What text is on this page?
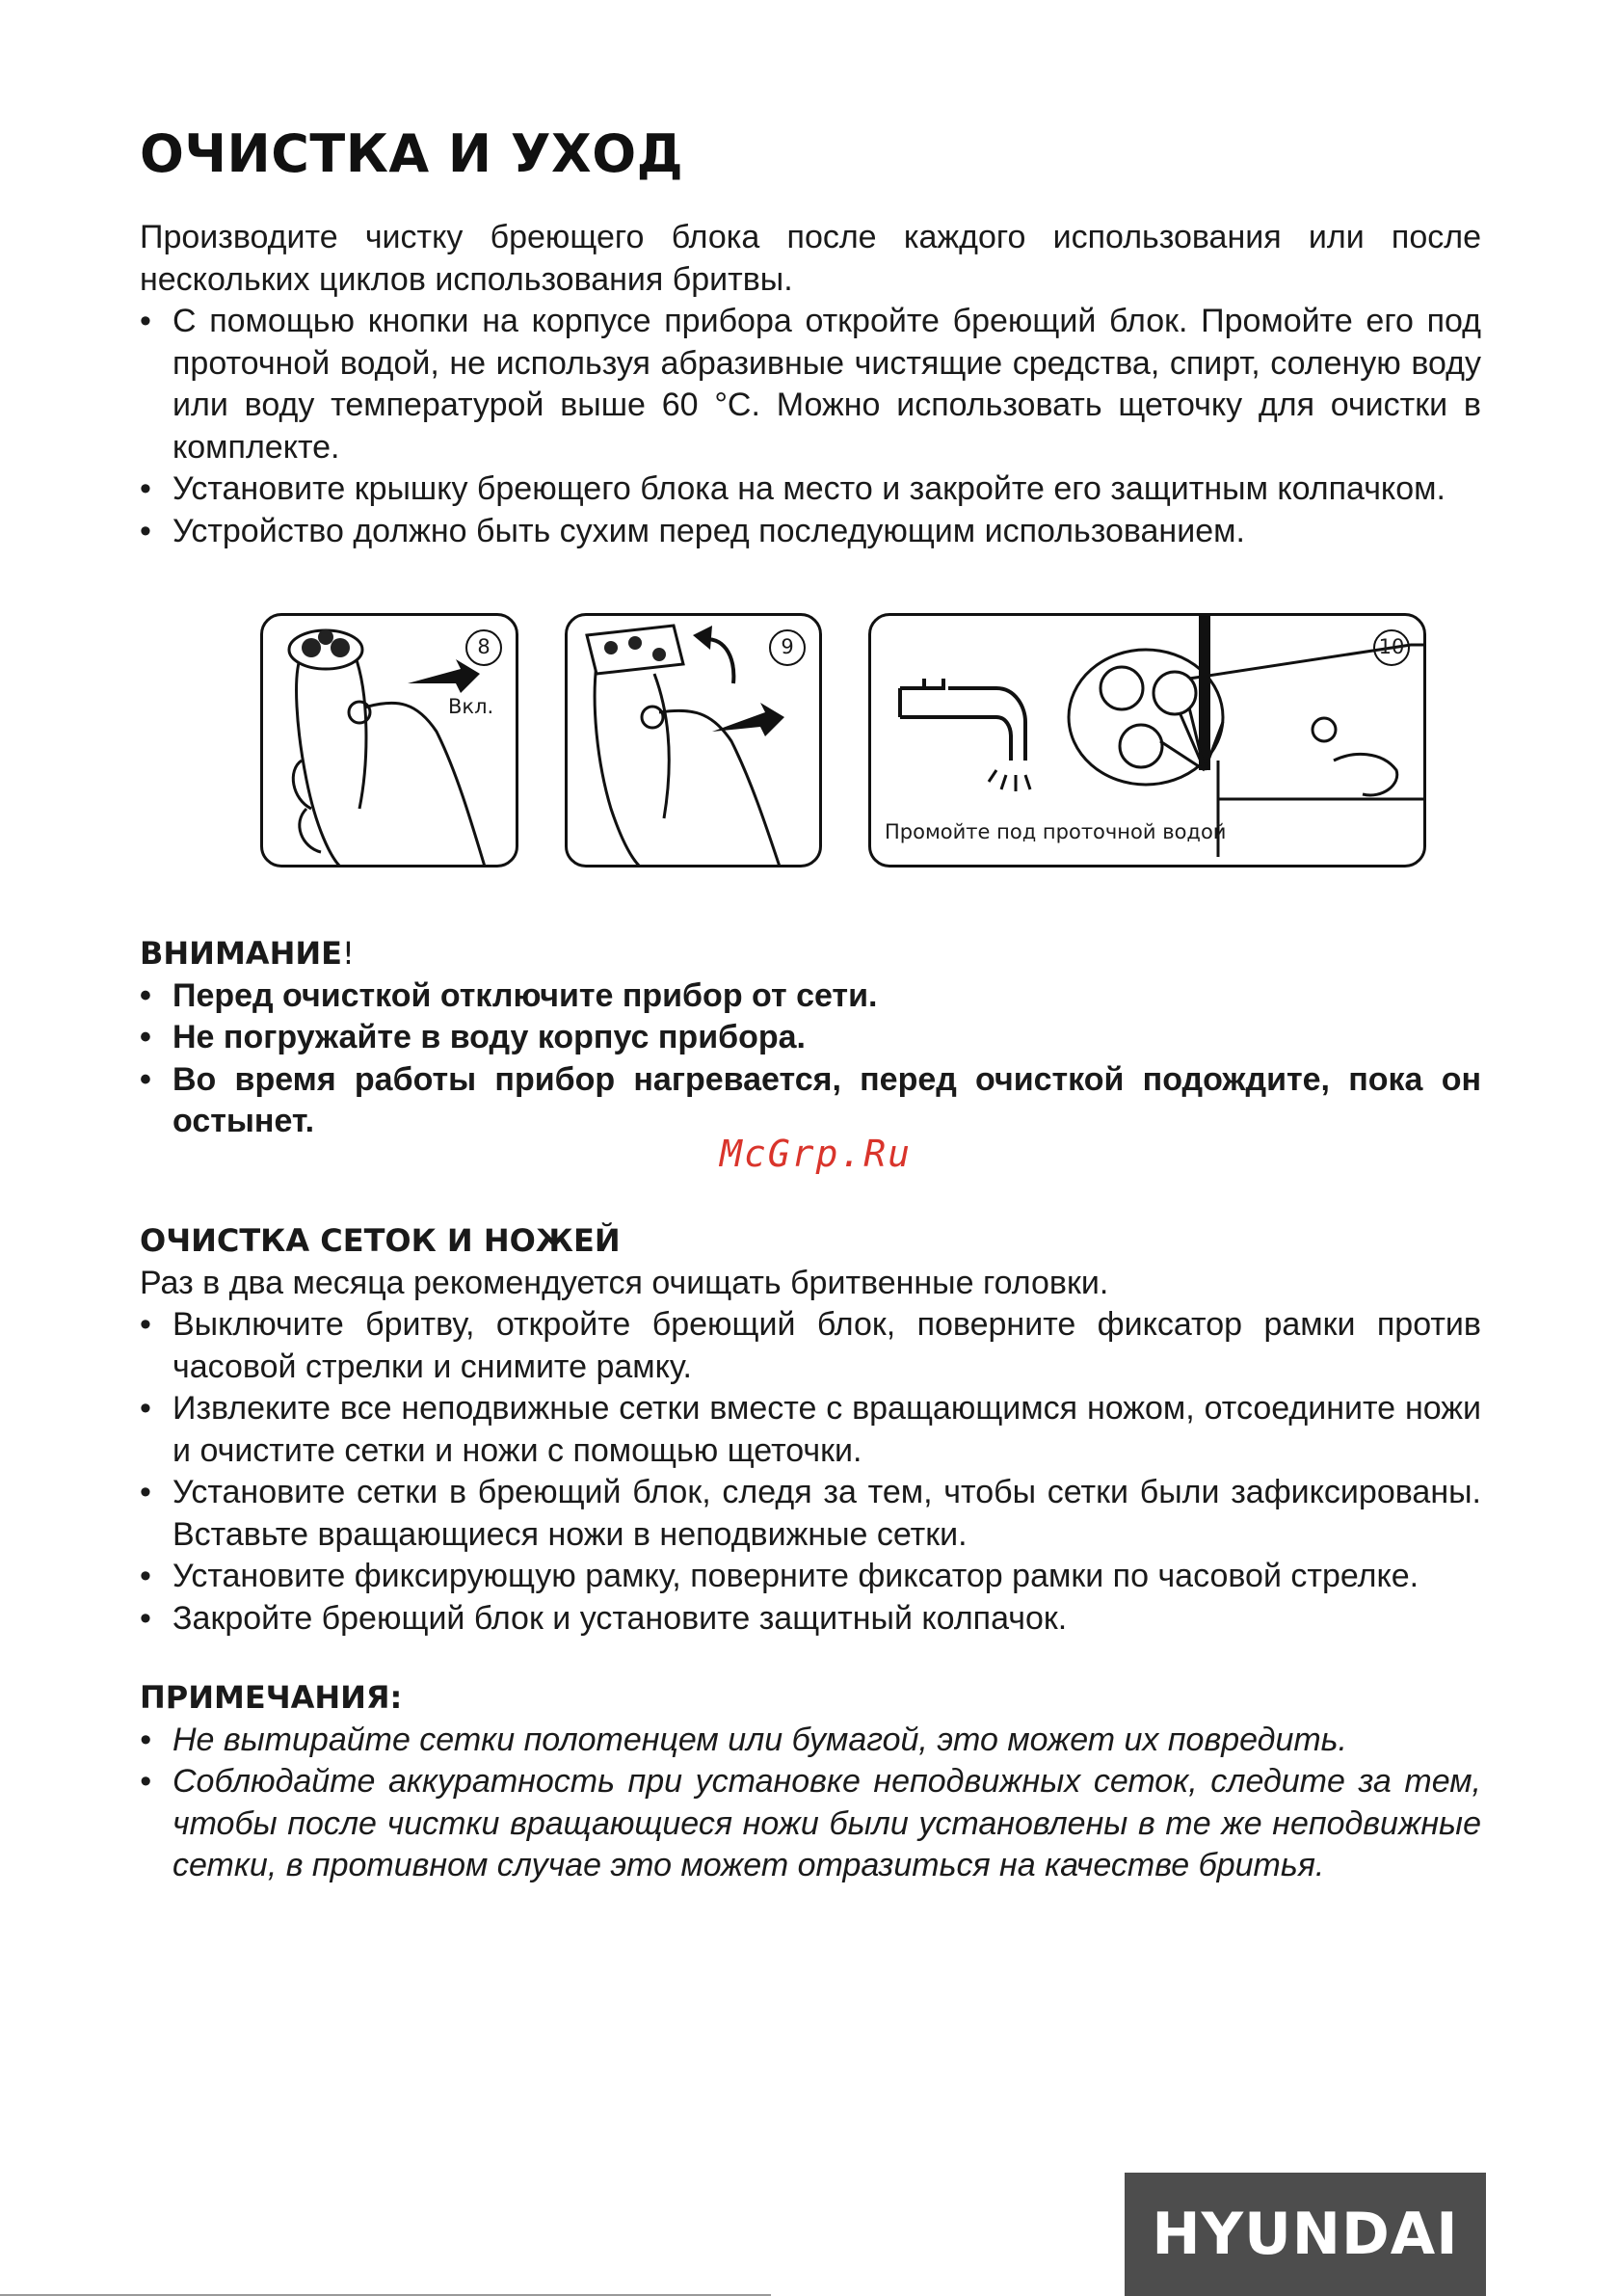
ОЧИСТКА И УХОД

Производите чистку бреющего блока после каждого использования или после нескольких циклов использования бритвы.

• С помощью кнопки на корпусе прибора откройте бреющий блок. Промойте его под проточной водой, не используя абразивные чистящие средства, спирт, соленую воду или воду температурой выше 60 °С. Можно использовать щеточку для очистки в комплекте.
• Установите крышку бреющего блока на место и закройте его защитным колпачком.
• Устройство должно быть сухим перед последующим использованием.
8
Вкл.
9	10
Промойте под проточной водой

ВНИМАНИЕ!

• Перед очисткой отключите прибор от сети.
• Не погружайте в воду корпус прибора.
• Во время работы прибор нагревается, перед очисткой подождите, пока он остынет.
McGrp.Ru

ОЧИСТКА СЕТОК И НОЖЕЙ

Раз в два месяца рекомендуется очищать бритвенные головки.

• Выключите бритву, откройте бреющий блок, поверните фиксатор рамки против часовой стрелки и снимите рамку.
• Извлеките все неподвижные сетки вместе с вращающимся ножом, отсоедините ножи и очистите сетки и ножи с помощью щеточки.
• Установите сетки в бреющий блок, следя за тем, чтобы сетки были зафиксированы. Вставьте вращающиеся ножи в неподвижные сетки.
• Установите фиксирующую рамку, поверните фиксатор рамки по часовой стрелке.
• Закройте бреющий блок и установите защитный колпачок.

ПРИМЕЧАНИЯ:

• Не вытирайте сетки полотенцем или бумагой, это может их повредить.
• Соблюдайте аккуратность при установке неподвижных сеток, следите за тем, чтобы после чистки вращающиеся ножи были установлены в те же неподвижные сетки, в противном случае это может отразиться на качестве бритья.
HYUNDAI
